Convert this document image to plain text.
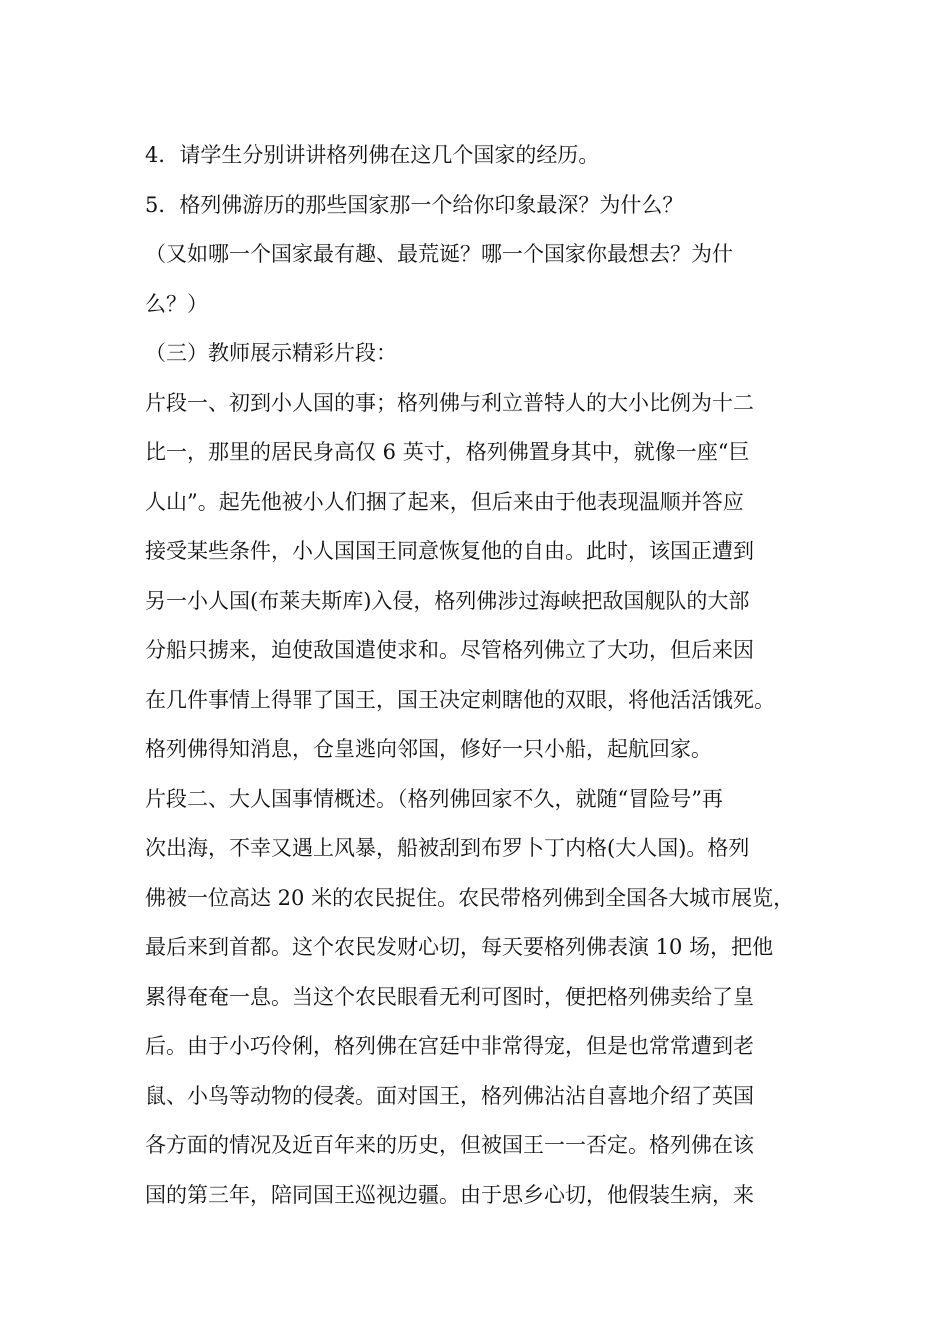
4．请学生分别讲讲格列佛在这几个国家的经历。
5．格列佛游历的那些国家那一个给你印象最深？为什么？
（又如哪一个国家最有趣、最荒诞？哪一个国家你最想去？为什
么？）
（三）教师展示精彩片段：
片段一、初到小人国的事；格列佛与利立普特人的大小比例为十二
比一，那里的居民身高仅 6 英寸，格列佛置身其中，就像一座“巨
人山”。起先他被小人们捆了起来，但后来由于他表现温顺并答应
接受某些条件，小人国国王同意恢复他的自由。此时，该国正遭到
另一小人国(布莱夫斯库)入侵，格列佛涉过海峡把敌国舰队的大部
分船只掳来，迫使敌国遣使求和。尽管格列佛立了大功，但后来因
在几件事情上得罪了国王，国王决定刺瞎他的双眼，将他活活饿死。
格列佛得知消息，仓皇逃向邻国，修好一只小船，起航回家。
片段二、大人国事情概述。（格列佛回家不久，就随“冒险号”再
次出海，不幸又遇上风暴，船被刮到布罗卜丁内格(大人国)。格列
佛被一位高达 20 米的农民捉住。农民带格列佛到全国各大城市展览，
最后来到首都。这个农民发财心切，每天要格列佛表演 10 场，把他
累得奄奄一息。当这个农民眼看无利可图时，便把格列佛卖给了皇
后。由于小巧伶俐，格列佛在宫廷中非常得宠，但是也常常遭到老
鼠、小鸟等动物的侵袭。面对国王，格列佛沾沾自喜地介绍了英国
各方面的情况及近百年来的历史，但被国王一一否定。格列佛在该
国的第三年，陪同国王巡视边疆。由于思乡心切，他假装生病，来
